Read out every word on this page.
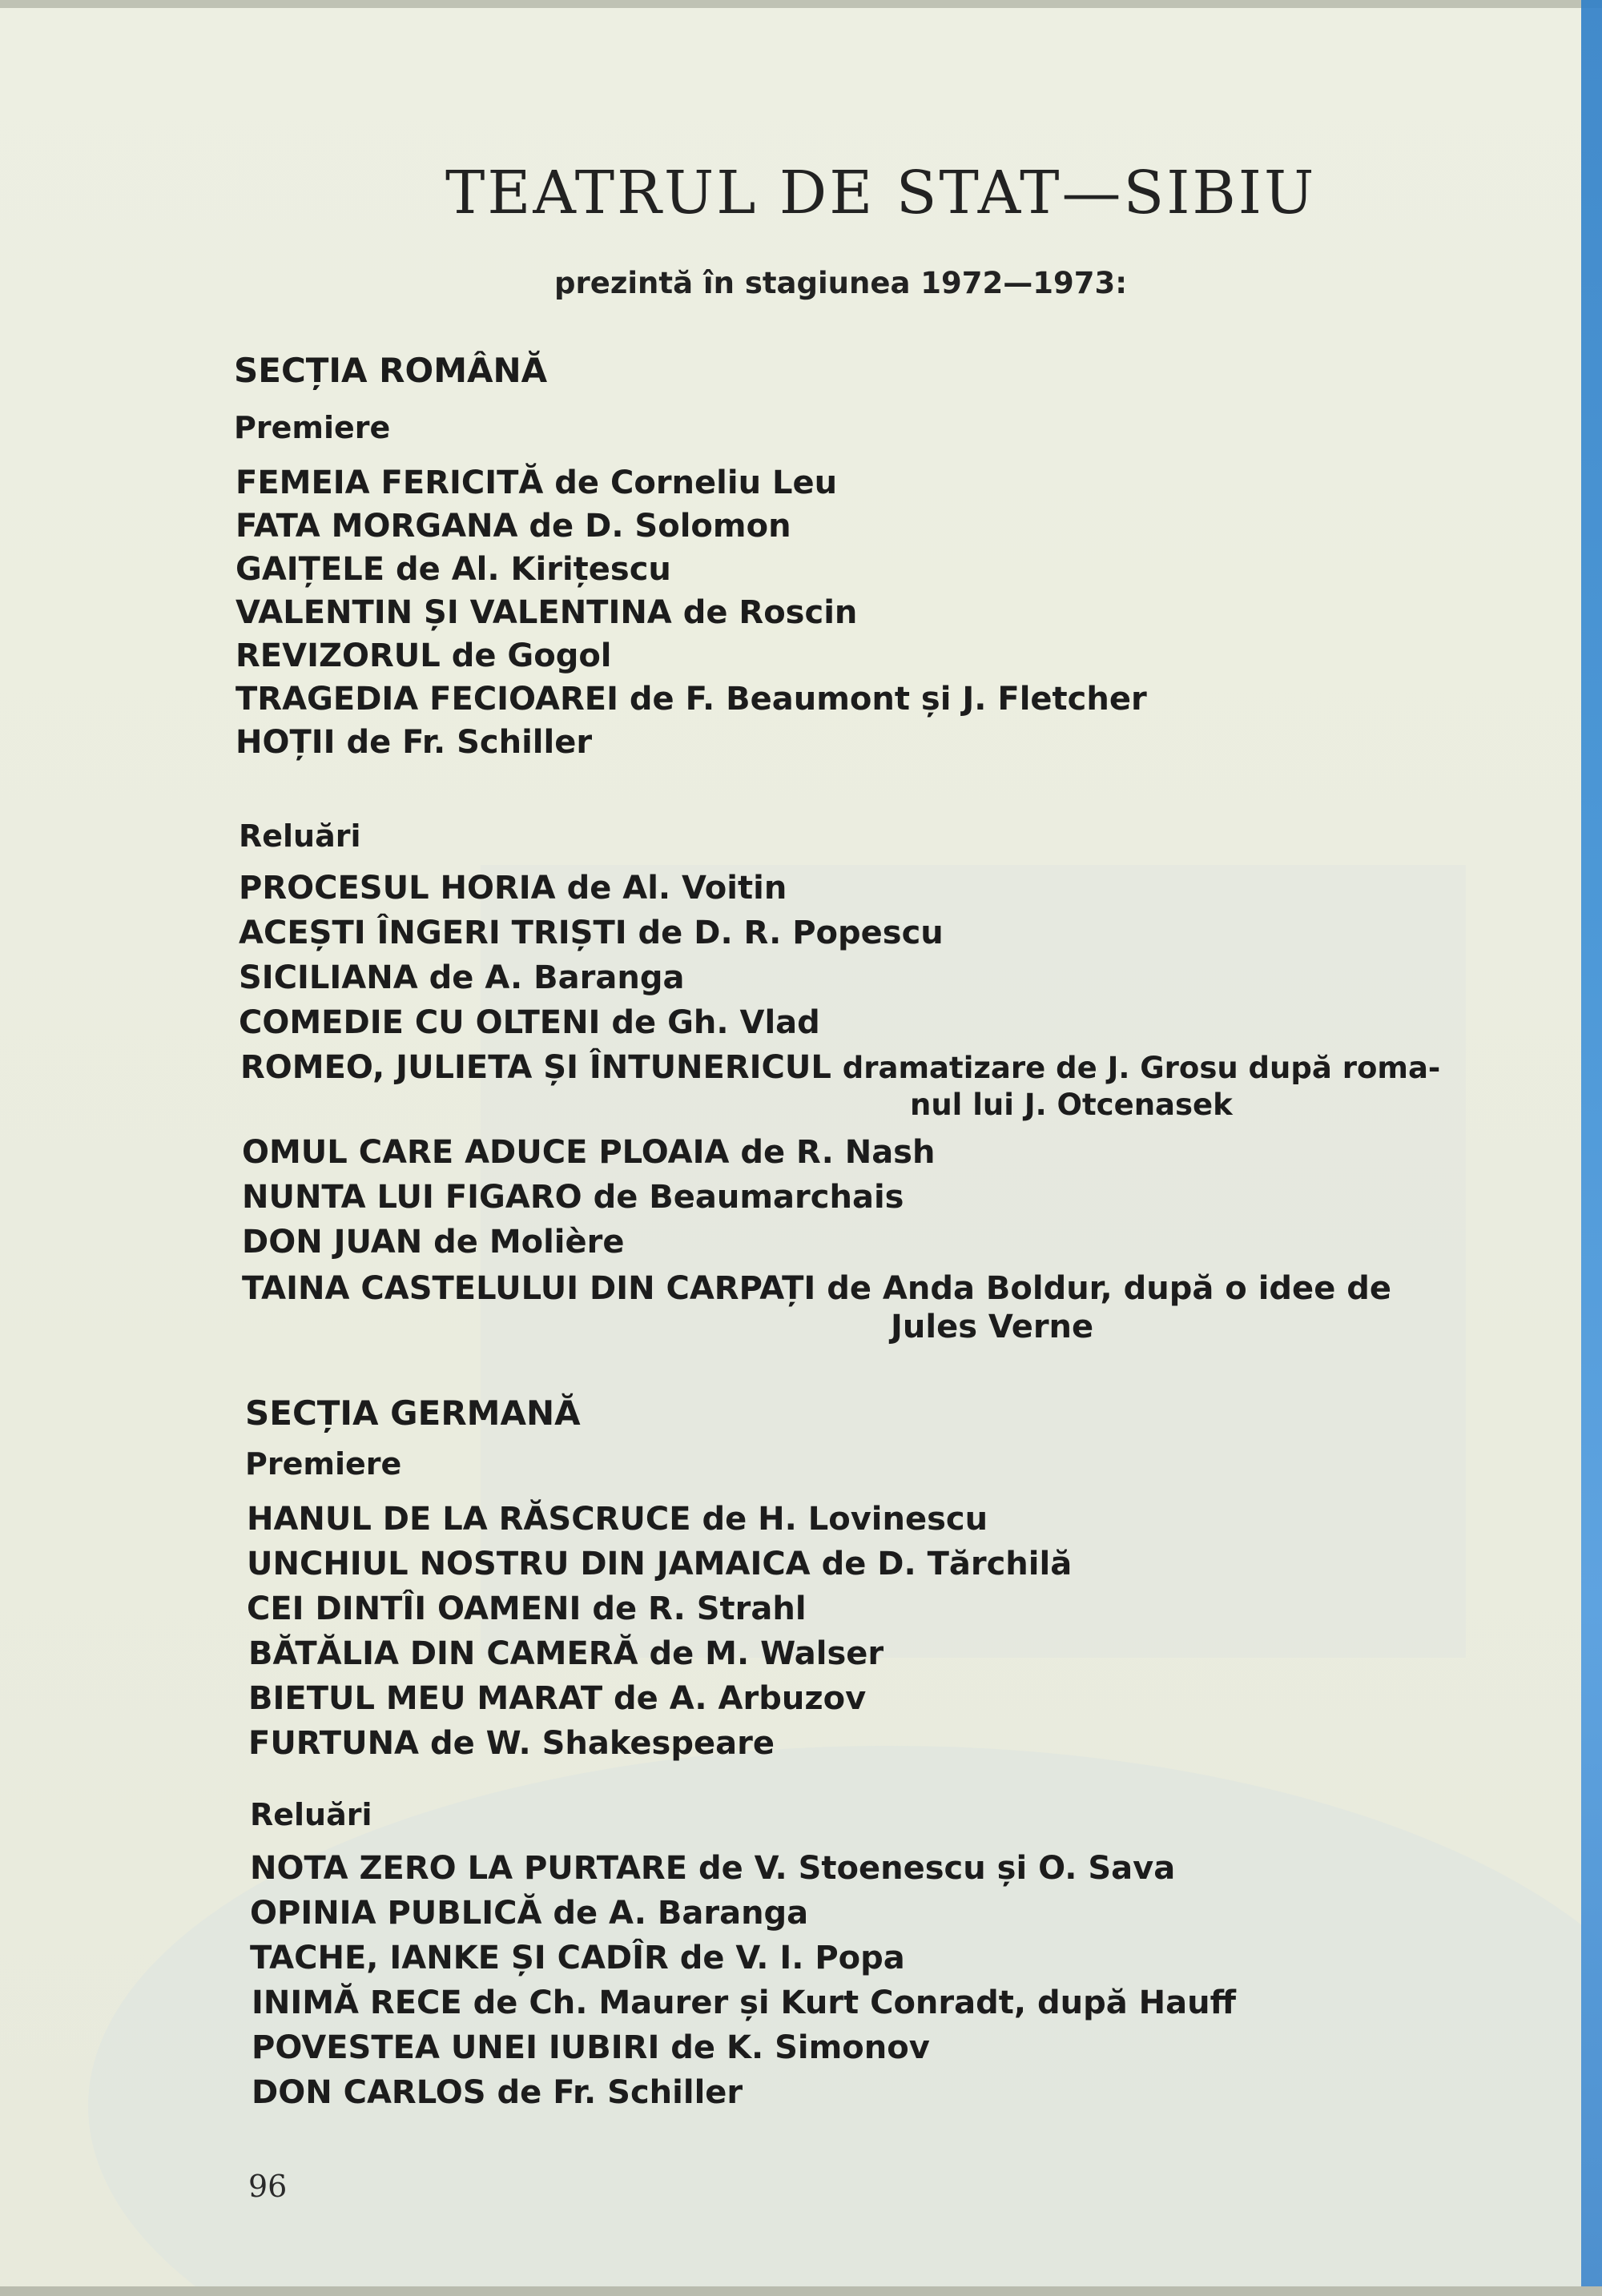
TEATRUL DE STAT—SIBIU
prezintă în stagiunea 1972—1973:
SECȚIA ROMÂNĂ
Premiere
FEMEIA FERICITĂ de Corneliu Leu
FATA MORGANA de D. Solomon
GAIȚELE de Al. Kirițescu
VALENTIN ȘI VALENTINA de Roscin
REVIZORUL de Gogol
TRAGEDIA FECIOAREI de F. Beaumont și J. Fletcher
HOȚII de Fr. Schiller
Reluări
PROCESUL HORIA de Al. Voitin
ACEȘTI ÎNGERI TRIȘTI de D. R. Popescu
SICILIANA de A. Baranga
COMEDIE CU OLTENI de Gh. Vlad
ROMEO, JULIETA ȘI ÎNTUNERICUL dramatizare de J. Grosu după roma-
nul lui J. Otcenasek
OMUL CARE ADUCE PLOAIA de R. Nash
NUNTA LUI FIGARO de Beaumarchais
DON JUAN de Molière
TAINA CASTELULUI DIN CARPAȚI de Anda Boldur, după o idee de
Jules Verne
SECȚIA GERMANĂ
Premiere
HANUL DE LA RĂSCRUCE de H. Lovinescu
UNCHIUL NOSTRU DIN JAMAICA de D. Tărchilă
CEI DINTÎI OAMENI de R. Strahl
BĂTĂLIA DIN CAMERĂ de M. Walser
BIETUL MEU MARAT de A. Arbuzov
FURTUNA de W. Shakespeare
Reluări
NOTA ZERO LA PURTARE de V. Stoenescu și O. Sava
OPINIA PUBLICĂ de A. Baranga
TACHE, IANKE ȘI CADÎR de V. I. Popa
INIMĂ RECE de Ch. Maurer și Kurt Conradt, după Hauff
POVESTEA UNEI IUBIRI de K. Simonov
DON CARLOS de Fr. Schiller
96
